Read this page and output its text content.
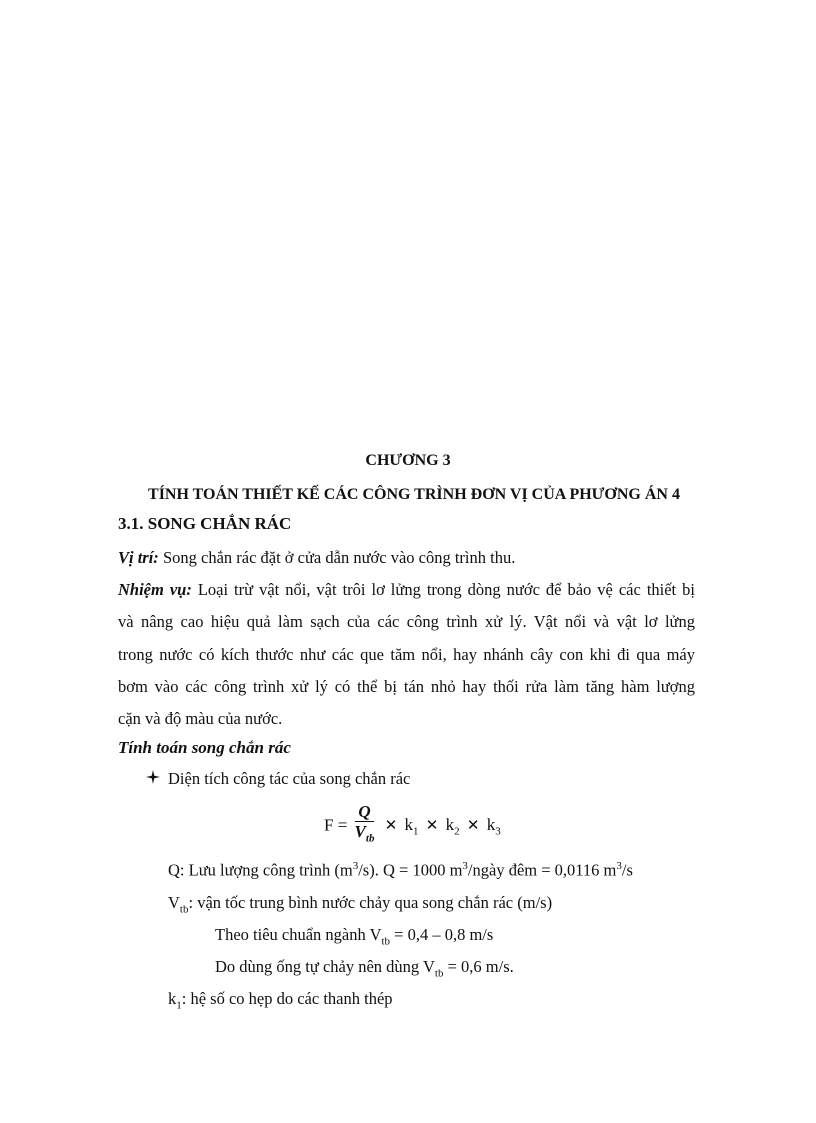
CHƯƠNG 3
TÍNH TOÁN THIẾT KẾ CÁC CÔNG TRÌNH ĐƠN VỊ CỦA PHƯƠNG ÁN 4
3.1. SONG CHẮN RÁC
Vị trí: Song chắn rác đặt ở cửa dẫn nước vào công trình thu.
Nhiệm vụ: Loại trừ vật nổi, vật trôi lơ lửng trong dòng nước để bảo vệ các thiết bị
và nâng cao hiệu quả làm sạch của các công trình xử lý. Vật nổi và vật lơ lửng
trong nước có kích thước như các que tăm nổi, hay nhánh cây con khi đi qua máy
bơm vào các công trình xử lý có thể bị tán nhỏ hay thối rửa làm tăng hàm lượng
cặn và độ màu của nước.
Tính toán song chắn rác
Diện tích công tác của song chắn rác
$F = \frac{Q}{V_{tb}}$ ✕ $k_1$ ✕ $k_2$ ✕ $k_3$
Q: Lưu lượng công trình $(m^3/s)$. Q = 1000 $m^3$/ngày đêm = 0,0116 $m^3/s$
$V_{tb}$: vận tốc trung bình nước chảy qua song chắn rác (m/s)
Theo tiêu chuẩn ngành $V_{tb} = 0,4 - 0,8$ m/s
Do dùng ống tự chảy nên dùng $V_{tb} = 0,6$ m/s.
$k_1$: hệ số co hẹp do các thanh thép
